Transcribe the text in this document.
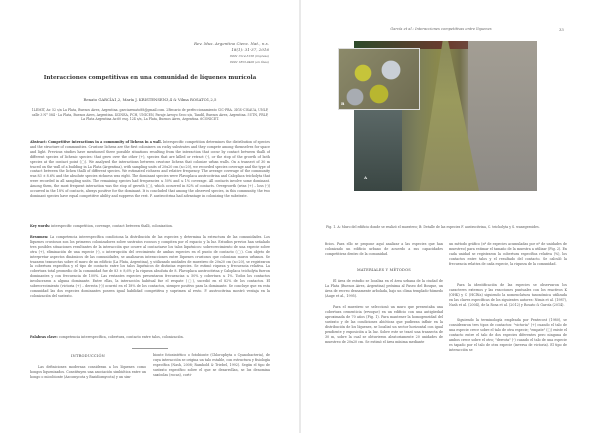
Rev. Mus. Argentino Cienc. Nat., n.s.
18(1): 31-37, 2016
ISSN 1514-5158 (impresa)
ISSN 1853-0400 (en línea)
Interacciones competitivas en una comunidad de líquenes murícola
Renato GARCÍA1,2, María J. KRISTENSEN3,4 & Vilma ROSATO1,2,5
1LEMIT, Av. 52 s/n La Plata, Buenos Aires, Argentina. garciarenato88@gmail.com. 2Becario de perfeccionamiento CIC-PBA. 3IGS-CISAUA, UNLP, calle 3 N° 584 - La Plata, Buenos Aires, Argentina. 4CINEA, FCH, UNICEN, Paraje Arroyo Seco s/n, Tandil, Buenos Aires, Argentina. 5UTN, FRLP, La Plata Argentina Av.60 esq. 124 s/n, La Plata, Buenos Aires, Argentina. 6CONICET.
Abstract: Competitive interactions in a community of lichens in a wall. Interspecific competition determines the distribution of species and the structure of communities. Crustose lichens are the first colonizers on rocky substrates and they compete among themselves for space and light. Previous studies have mentioned three possible situations resulting from the interaction that occur by contact between thalli of different species of lichenic species: that grow over the other (+), species that are killed or retract (-), or the stop of the growth of both species at the contact point (□). We analyzed the interactions between crustose lichens that colonize urban walls. On a transect of 30 m traced on the wall of a building in La Plata (Argentina), with sampling units of 20x20 cm (n=20), we recorded species coverage and the type of contact between the lichen thalli of different species. We estimated richness and relative frequency. The average coverage of the community was 83 ± 8.6% and the absolute species richness was eight. The dominant species were Flavoplaca austrocitrina and Caloplaca teicholyta that were recorded in all sampling units. The remaining species had frequencies ≤ 50% and ≤ 1% coverage. All contacts involve some dominant. Among them, the most frequent interaction was the stop of growth (□), which occurred in 82% of contacts. Overgrowth (wins (+) – loss (-)) occurred in the 18% of contacts, always positive for the dominant. It is concluded that among the observed species, in this community, the two dominant species have equal competitive ability and suppress the rest. F. austrocitrina had advantage in colonizing the substrate.
Key words: interspecific competition, coverage, contact between thalli, colonization.
Resumen: La competencia interespecífica condiciona la distribución de las especies y determina la estructura de las comunidades. Los líquenes crustosos son los primeros colonizadores sobre sustratos rocosos y compiten por el espacio y la luz. Estudios previos han señalado tres posibles situaciones resultantes de la interacción que ocurre al contactarse los talos liquénicos: sobrecrecimiento de una especie sobre otra (+), eliminación de una especie (-), o interrupción del crecimiento de ambas especies en el punto de contacto (□). Con objeto de interpretar aspectos dinámicos de las comunidades, se analizaron interacciones entre líquenes crustosos que colonizan muros urbanos. Se trazaron transectas sobre el muro de un edificio (La Plata, Argentina), y utilizando unidades de muestreo de 20x20 cm (n=20), se registraron la cobertura específica y el tipo de contacto entre los talos liquénicos de distintas especies. Se estimó riqueza y frecuencia relativa. La cobertura total promedio de la comunidad fue de 83 ± 8,6% y la riqueza absoluta de 8. Flavoplaca austrocitrina y Caloplaca teicholyta fueron dominantes y con frecuencia de 100%. Las restantes especies presentaron frecuencias ≤ 50% y cobertura ≤ 1%. Todos los contactos involucraron a alguna dominante. Entre ellas, la interacción habitual fue el respate (□), sucedió en el 82% de los contactos. El sobrecrecimiento (victoria (+) – derrota (-)) ocurrió en el 18% de los contactos, siempre positivo para la dominante. Se concluye que en esta comunidad las dos especies dominantes poseen igual habilidad competitiva y suprimen al resto. F. austrocitrina mostró ventaja en la colonización del sustrato.
Palabras clave: competencia interespecífica, cobertura, contacto entre talos, colonización.
INTRODUCCIÓN
Las definiciones modernas consideran a los líquenes como hongos liquenizados. Constituyen una asociación simbiótica entre un hongo o micobionte (Ascomycota y Basidiomycota) y un sim-
bionte fotosintético o fotobionte (Chlorophyta o Cyanobacteria), de cuya interacción se origina un talo estable, con estructura y fisiología específica (Nash, 2008; Ramhold & Triebel, 1992). Según el tipo de sustrato específico sobre el que se desarrollan, se los denomina saxícolas (rocas), corti-
García et al.: Interacciones competitivas entre líquenes	33
A
B
Fig. 1. A: Muro del edificio donde se realizó el muestreo; B: Detalle de las especies F. austrocitrina, C. teicholyta y S. wanegeroides.
ficios. Para ello se propone aquí analizar a las especies que han colonizado un edificio urbano de acuerdo a sus capacidades competitivas dentro de la comunidad.
MATERIALES Y MÉTODOS
El área de estudio se localiza en el área urbana de la ciudad de La Plata (Buenos Aires, Argentina) próxima al Paseo del Bosque, un área de recreo densamente arbolada, bajo un clima templado-húmedo (Auge et al., 1995).
Para el muestreo se seleccionó un muro que presentaba una cobertura cementicia (revoque) en un edificio con una antigüedad aproximada de 70 años (Fig. 1). Para mantener la homogeneidad del sustrato y de las condiciones abióticas que pudieran influir en la distribución de los líquenes, se localizó un sector horizontal con igual pendiente y exposición a la luz. Sobre este se trazó una transecta de 30 m, sobre la cual se obtuvieron aleatoriamente 20 unidades de muestreo de 20x20 cm. Se estimó el área mínima mediante
un método gráfico (nº de especies acumuladas por nº de unidades de muestreo) para estimar el tamaño de la muestra a utilizar (Fig. 2). En cada unidad se registraron la cobertura específica relativa (%), los contactos entre talos y el resultado del contacto. Se calculó la frecuencia relativa de cada especie, la riqueza de la comunidad.
Para la identificación de las especies se observaron los caracteres externos y las reacciones puntuales con los reactivos K (OHK) y C (HClNa) siguiendo la nomenclatura taxonómica utilizada en las claves específicas de los siguientes autores: Nimis et al. (1987), Nash et al. (2004), de la Rosa et al. (2012) y Rosato & García (2014).
Siguiendo la terminología empleada por Pentecost (1980), se consideraron tres tipos de contactos: "victoria" (+) cuando el talo de una especie crece sobre el talo de otra especie; "empate" (□) existe el contacto entre el talo de dos especies diferentes pero ninguna de ambos crece sobre el otro; "derrota" (-) cuando el talo de una especie es tapado por el talo de otra especie (inversa de victoria). El tipo de interacción se
